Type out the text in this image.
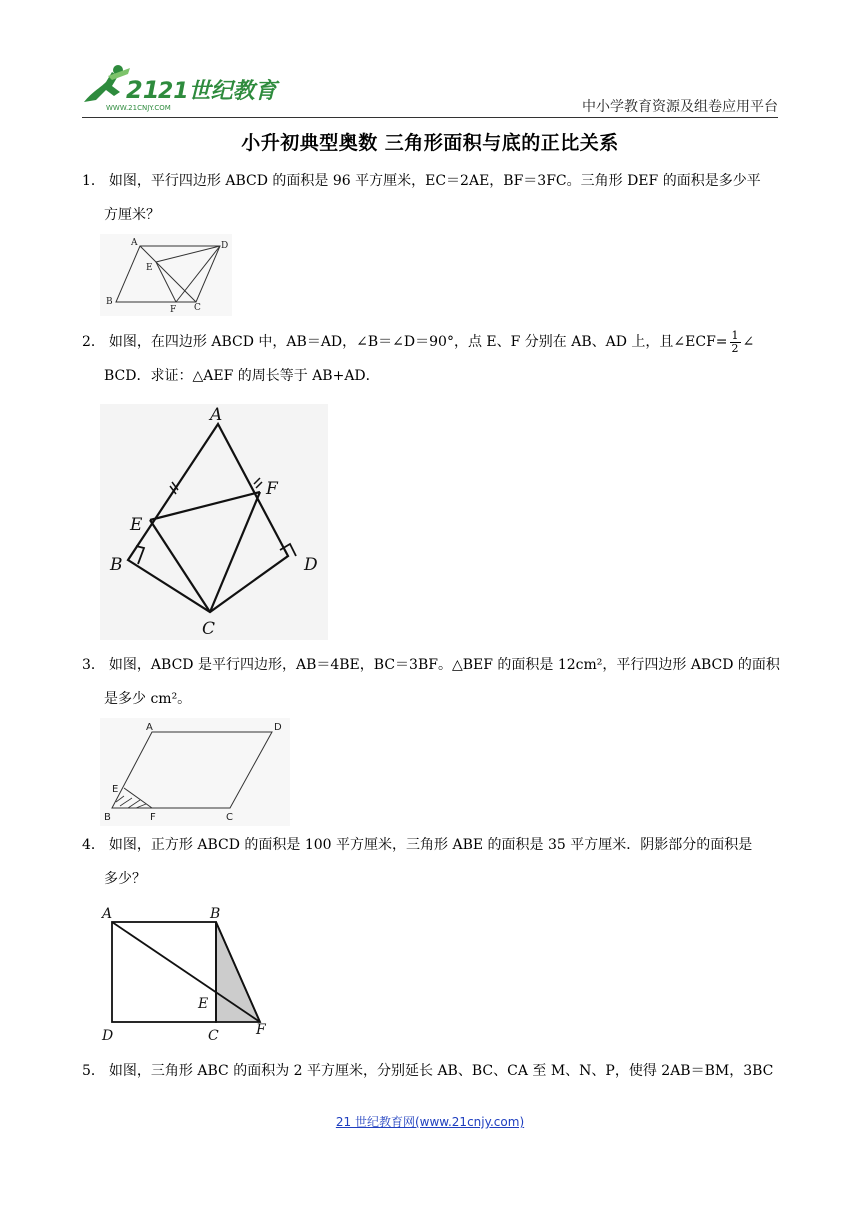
21
21世纪教育
WWW.21CNJY.COM	中小学教育资源及组卷应用平台
小升初典型奥数 三角形面积与底的正比关系
1． 如图，平行四边形 ABCD 的面积是 96 平方厘米，EC＝2AE，BF＝3FC。三角形 DEF 的面积是多少平
方厘米？
A	D
E
B
F C
2． 如图，在四边形 ABCD 中，AB＝AD，∠B＝∠D＝90°，点 E、F 分别在 AB、AD 上，且∠ECF= $\frac{1}{2}$ ∠
BCD．求证：△AEF 的周长等于 AB+AD．
A
F
E
B	D
C
3． 如图，ABCD 是平行四边形，AB＝4BE，BC＝3BF。△BEF 的面积是 12cm²，平行四边形 ABCD 的面积
是多少 cm²。
A	D
E
B	F	C
4． 如图，正方形 ABCD 的面积是 100 平方厘米，三角形 ABE 的面积是 35 平方厘米．阴影部分的面积是
多少？
A	B
E
D	C	F
5． 如图，三角形 ABC 的面积为 2 平方厘米，分别延长 AB、BC、CA 至 M、N、P，使得 2AB＝BM，3BC
21 世纪教育网(www.21cnjy.com)
